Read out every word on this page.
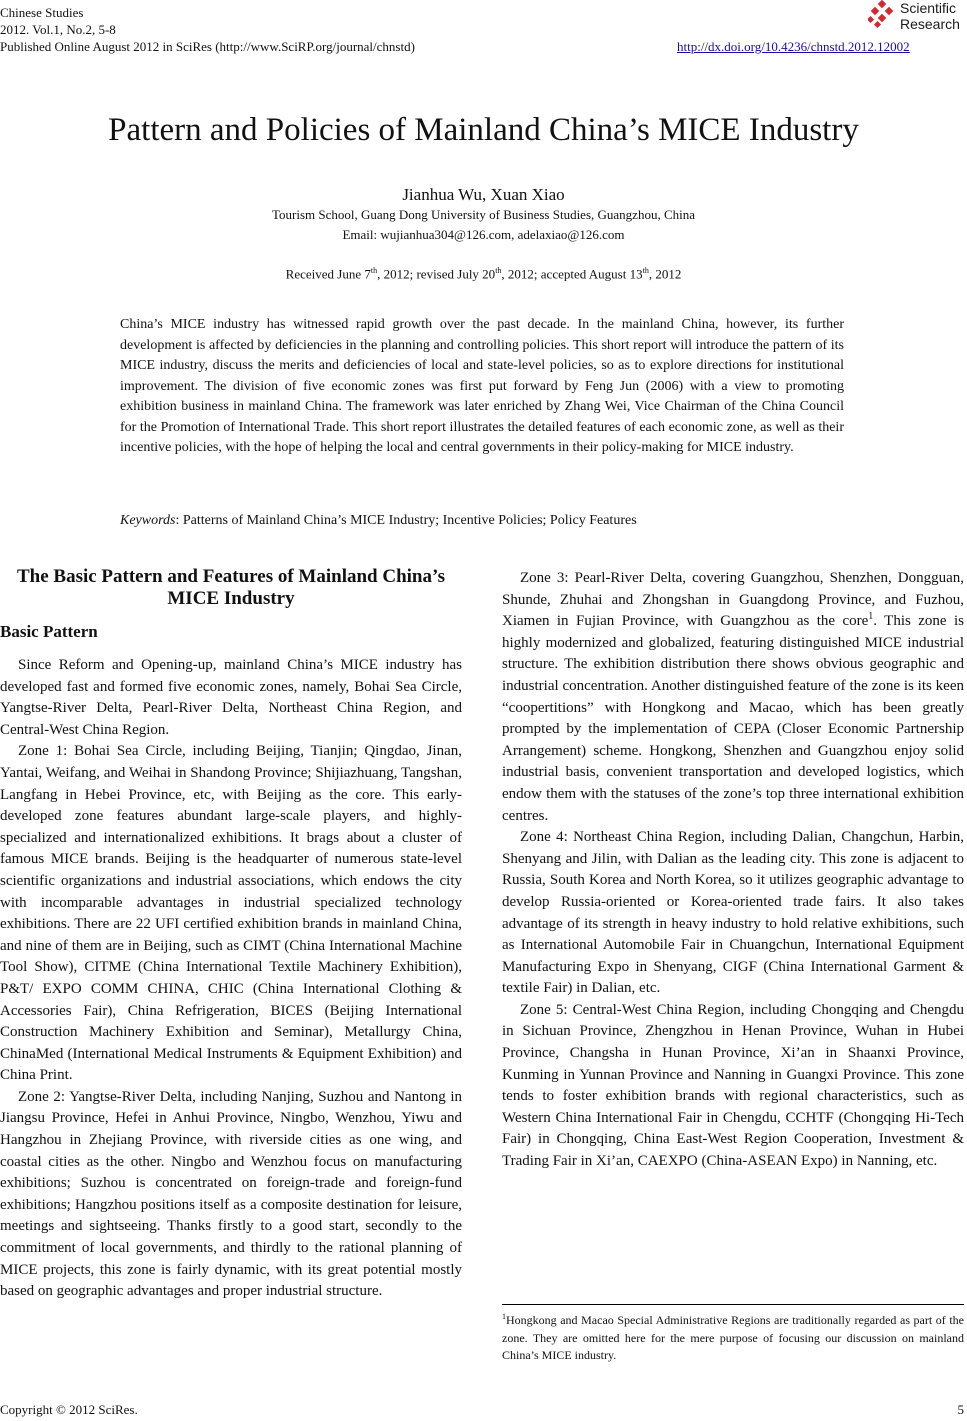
Chinese Studies
2012. Vol.1, No.2, 5-8
Published Online August 2012 in SciRes (http://www.SciRP.org/journal/chnstd)	http://dx.doi.org/10.4236/chnstd.2012.12002
Scientific
Research
Pattern and Policies of Mainland China’s MICE Industry
Jianhua Wu, Xuan Xiao
Tourism School, Guang Dong University of Business Studies, Guangzhou, China
Email: wujianhua304@126.com, adelaxiao@126.com
Received June 7th, 2012; revised July 20th, 2012; accepted August 13th, 2012
China’s MICE industry has witnessed rapid growth over the past decade. In the mainland China, however, its further development is affected by deficiencies in the planning and controlling policies. This short report will introduce the pattern of its MICE industry, discuss the merits and deficiencies of local and state-level policies, so as to explore directions for institutional improvement. The division of five economic zones was first put forward by Feng Jun (2006) with a view to promoting exhibition business in mainland China. The framework was later enriched by Zhang Wei, Vice Chairman of the China Council for the Promotion of International Trade. This short report illustrates the detailed features of each economic zone, as well as their incentive policies, with the hope of helping the local and central governments in their policy-making for MICE industry.
Keywords: Patterns of Mainland China’s MICE Industry; Incentive Policies; Policy Features
The Basic Pattern and Features of Mainland China’s MICE Industry
Basic Pattern

Since Reform and Opening-up, mainland China’s MICE industry has developed fast and formed five economic zones, namely, Bohai Sea Circle, Yangtse-River Delta, Pearl-River Delta, Northeast China Region, and Central-West China Region.

Zone 1: Bohai Sea Circle, including Beijing, Tianjin; Qingdao, Jinan, Yantai, Weifang, and Weihai in Shandong Province; Shijiazhuang, Tangshan, Langfang in Hebei Province, etc, with Beijing as the core. This early-developed zone features abundant large-scale players, and highly-specialized and internationalized exhibitions. It brags about a cluster of famous MICE brands. Beijing is the headquarter of numerous state-level scientific organizations and industrial associations, which endows the city with incomparable advantages in industrial specialized technology exhibitions. There are 22 UFI certified exhibition brands in mainland China, and nine of them are in Beijing, such as CIMT (China International Machine Tool Show), CITME (China International Textile Machinery Exhibition), P&T/ EXPO COMM CHINA, CHIC (China International Clothing & Accessories Fair), China Refrigeration, BICES (Beijing International Construction Machinery Exhibition and Seminar), Metallurgy China, ChinaMed (International Medical Instruments & Equipment Exhibition) and China Print.

Zone 2: Yangtse-River Delta, including Nanjing, Suzhou and Nantong in Jiangsu Province, Hefei in Anhui Province, Ningbo, Wenzhou, Yiwu and Hangzhou in Zhejiang Province, with riverside cities as one wing, and coastal cities as the other. Ningbo and Wenzhou focus on manufacturing exhibitions; Suzhou is concentrated on foreign-trade and foreign-fund exhibitions; Hangzhou positions itself as a composite destination for leisure, meetings and sightseeing. Thanks firstly to a good start, secondly to the commitment of local governments, and thirdly to the rational planning of MICE projects, this zone is fairly dynamic, with its great potential mostly based on geographic advantages and proper industrial structure.

Zone 3: Pearl-River Delta, covering Guangzhou, Shenzhen, Dongguan, Shunde, Zhuhai and Zhongshan in Guangdong Province, and Fuzhou, Xiamen in Fujian Province, with Guangzhou as the core$^1$. This zone is highly modernized and globalized, featuring distinguished MICE industrial structure. The exhibition distribution there shows obvious geographic and industrial concentration. Another distinguished feature of the zone is its keen “coopertitions” with Hongkong and Macao, which has been greatly prompted by the implementation of CEPA (Closer Economic Partnership Arrangement) scheme. Hongkong, Shenzhen and Guangzhou enjoy solid industrial basis, convenient transportation and developed logistics, which endow them with the statuses of the zone’s top three international exhibition centres.

Zone 4: Northeast China Region, including Dalian, Changchun, Harbin, Shenyang and Jilin, with Dalian as the leading city. This zone is adjacent to Russia, South Korea and North Korea, so it utilizes geographic advantage to develop Russia-oriented or Korea-oriented trade fairs. It also takes advantage of its strength in heavy industry to hold relative exhibitions, such as International Automobile Fair in Chuangchun, International Equipment Manufacturing Expo in Shenyang, CIGF (China International Garment & textile Fair) in Dalian, etc.

Zone 5: Central-West China Region, including Chongqing and Chengdu in Sichuan Province, Zhengzhou in Henan Province, Wuhan in Hubei Province, Changsha in Hunan Province, Xi’an in Shaanxi Province, Kunming in Yunnan Province and Nanning in Guangxi Province. This zone tends to foster exhibition brands with regional characteristics, such as Western China International Fair in Chengdu, CCHTF (Chongqing Hi-Tech Fair) in Chongqing, China East-West Region Cooperation, Investment & Trading Fair in Xi’an, CAEXPO (China-ASEAN Expo) in Nanning, etc.

$^1$Hongkong and Macao Special Administrative Regions are traditionally regarded as part of the zone. They are omitted here for the mere purpose of focusing our discussion on mainland China’s MICE industry.
Copyright © 2012 SciRes.	5
